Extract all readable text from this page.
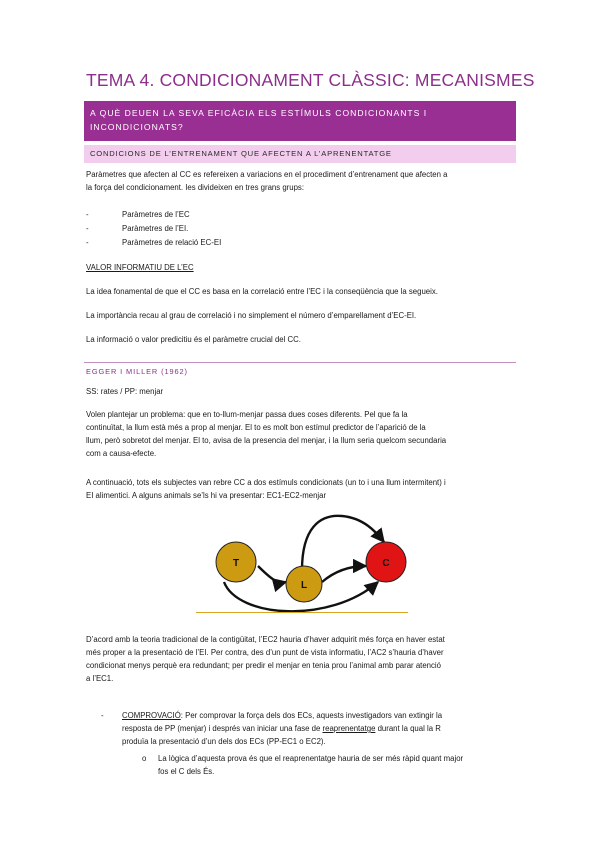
TEMA 4. CONDICIONAMENT CLÀSSIC: MECANISMES
A QUÈ DEUEN LA SEVA EFICÀCIA ELS ESTÍMULS CONDICIONANTS I
INCONDICIONATS?
CONDICIONS DE L’ENTRENAMENT QUE AFECTEN A L’APRENENTATGE
Paràmetres que afecten al CC es refereixen a variacions en el procediment d’entrenament que afecten a
la força del condicionament. Ies divideixen en tres grans grups:
-	Paràmetres de l’EC
-	Paràmetres de l’EI.
-	Paràmetres de relació EC-EI
VALOR INFORMATIU DE L’EC
La idea fonamental de que el CC es basa en la correlació entre l’EC i la conseqüència que la segueix.
La importància recau al grau de correlació i no simplement el número d’emparellament d’EC-EI.
La informació o valor predicitiu és el paràmetre crucial del CC.
EGGER I MILLER (1962)
SS: rates / PP: menjar
Volen plantejar un problema: que en to-llum-menjar passa dues coses diferents. Pel que fa la
continuïtat, la llum està més a prop al menjar. El to es molt bon estímul predictor de l’aparició de la
llum, però sobretot del menjar. El to, avisa de la presencia del menjar, i la llum seria quelcom secundaria
com a causa-efecte.
A continuació, tots els subjectes van rebre CC a dos estímuls condicionats (un to i una llum intermitent) i
EI alimentici. A alguns animals se’ls hi va presentar: EC1-EC2-menjar
T
L
C
D’acord amb la teoria tradicional de la contigüitat, l’EC2 hauria d’haver adquirit més força en haver estat
més proper a la presentació de l’EI. Per contra, des d’un punt de vista informatiu, l’AC2 s’hauria d’haver
condicionat menys perquè era redundant; per predir el menjar en tenia prou l’animal amb parar atenció
a l’EC1.
- COMPROVACIÓ: Per comprovar la força dels dos ECs, aquests investigadors van extingir la
resposta de PP (menjar) i després van iniciar una fase de reaprenentatge durant la qual la R
produïa la presentació d’un dels dos ECs (PP-EC1 o EC2).
o La lògica d’aquesta prova és que el reaprenentatge hauria de ser més ràpid quant major
fos el C dels És.
